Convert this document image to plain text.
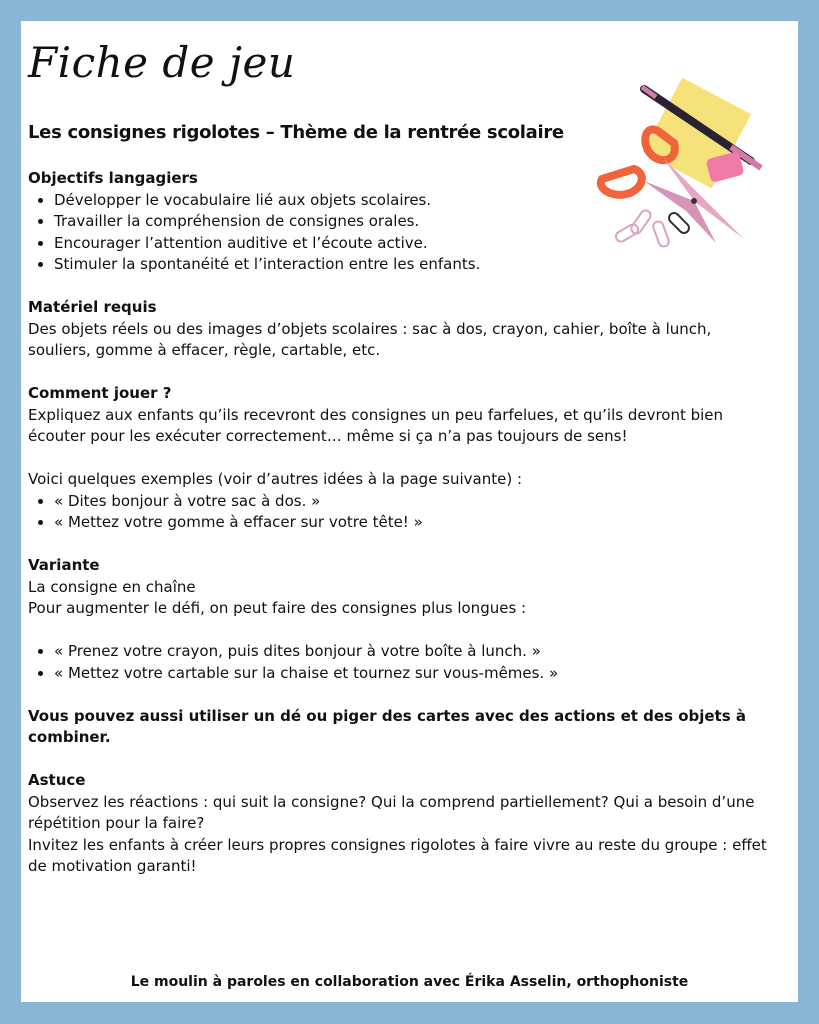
Fiche de jeu
Les consignes rigolotes – Thème de la rentrée scolaire

Objectifs langagiers

• Développer le vocabulaire lié aux objets scolaires.
• Travailler la compréhension de consignes orales.
• Encourager l’attention auditive et l’écoute active.
• Stimuler la spontanéité et l’interaction entre les enfants.

Matériel requis

Des objets réels ou des images d’objets scolaires : sac à dos, crayon, cahier, boîte à lunch,

souliers, gomme à effacer, règle, cartable, etc.

Comment jouer ?

Expliquez aux enfants qu’ils recevront des consignes un peu farfelues, et qu’ils devront bien

écouter pour les exécuter correctement… même si ça n’a pas toujours de sens!

Voici quelques exemples (voir d’autres idées à la page suivante) :

• « Dites bonjour à votre sac à dos. »
• « Mettez votre gomme à effacer sur votre tête! »

Variante

La consigne en chaîne

Pour augmenter le défi, on peut faire des consignes plus longues :

• « Prenez votre crayon, puis dites bonjour à votre boîte à lunch. »
• « Mettez votre cartable sur la chaise et tournez sur vous-mêmes. »

Vous pouvez aussi utiliser un dé ou piger des cartes avec des actions et des objets à combiner.

Astuce

Observez les réactions : qui suit la consigne? Qui la comprend partiellement? Qui a besoin d’une

répétition pour la faire?

Invitez les enfants à créer leurs propres consignes rigolotes à faire vivre au reste du groupe : effet

de motivation garanti!

Le moulin à paroles en collaboration avec Érika Asselin, orthophoniste
